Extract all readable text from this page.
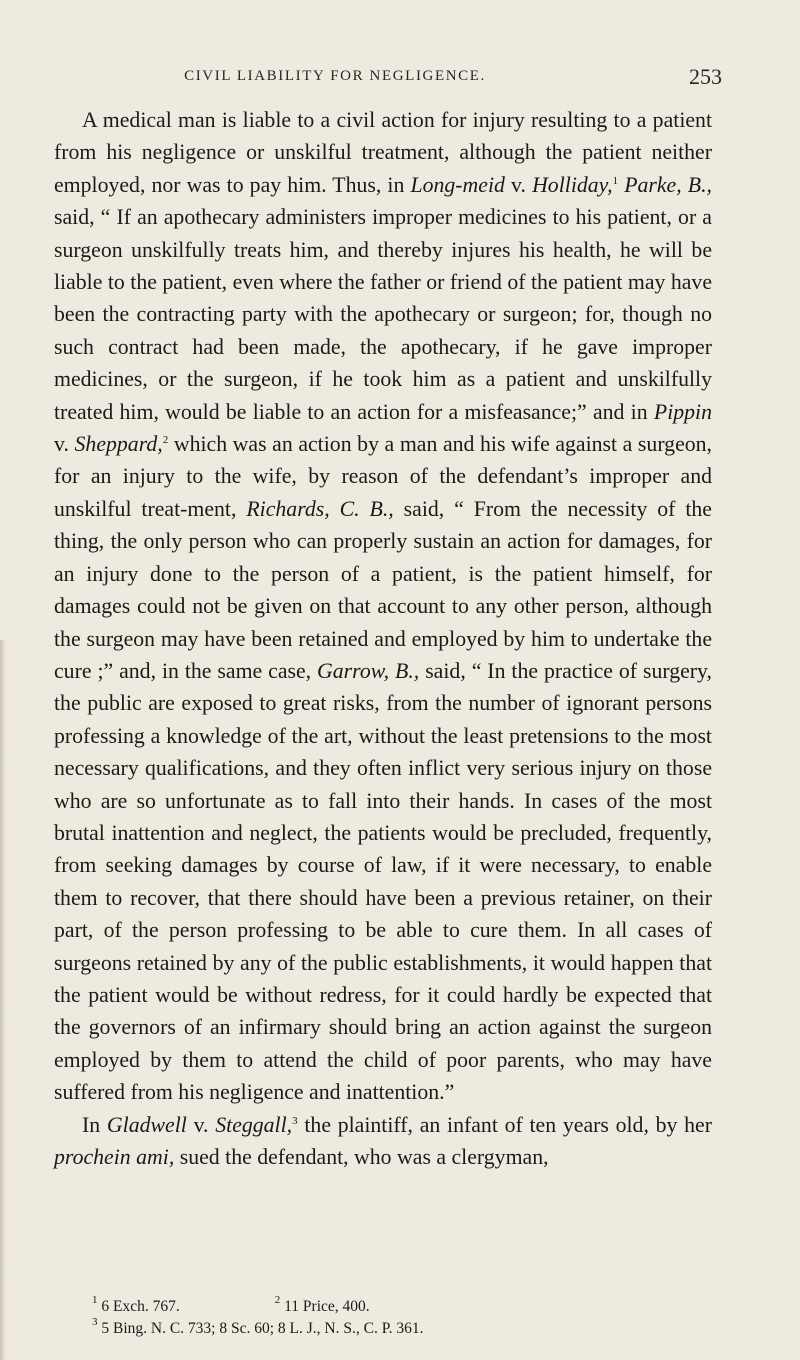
CIVIL LIABILITY FOR NEGLIGENCE.	253

A medical man is liable to a civil action for injury resulting to a patient from his negligence or unskilful treatment, although the patient neither employed, nor was to pay him. Thus, in Long-meid v. Holliday,$^1$ Parke, B., said, “ If an apothecary administers improper medicines to his patient, or a surgeon unskilfully treats him, and thereby injures his health, he will be liable to the patient, even where the father or friend of the patient may have been the contracting party with the apothecary or surgeon; for, though no such contract had been made, the apothecary, if he gave improper medicines, or the surgeon, if he took him as a patient and unskilfully treated him, would be liable to an action for a misfeasance;” and in Pippin v. Sheppard,$^2$ which was an action by a man and his wife against a surgeon, for an injury to the wife, by reason of the defendant’s improper and unskilful treat-ment, Richards, C. B., said, “ From the necessity of the thing, the only person who can properly sustain an action for damages, for an injury done to the person of a patient, is the patient himself, for damages could not be given on that account to any other person, although the surgeon may have been retained and employed by him to undertake the cure ;” and, in the same case, Garrow, B., said, “ In the practice of surgery, the public are exposed to great risks, from the number of ignorant persons professing a knowledge of the art, without the least pretensions to the most necessary qualifications, and they often inflict very serious injury on those who are so unfortunate as to fall into their hands. In cases of the most brutal inattention and neglect, the patients would be precluded, frequently, from seeking damages by course of law, if it were necessary, to enable them to recover, that there should have been a previous retainer, on their part, of the person professing to be able to cure them. In all cases of surgeons retained by any of the public establishments, it would happen that the patient would be without redress, for it could hardly be expected that the governors of an infirmary should bring an action against the surgeon employed by them to attend the child of poor parents, who may have suffered from his negligence and inattention.”

In Gladwell v. Steggall,$^3$ the plaintiff, an infant of ten years old, by her prochein ami, sued the defendant, who was a clergyman,

$^1$ 6 Exch. 767.	$^2$ 11 Price, 400.
$^3$ 5 Bing. N. C. 733; 8 Sc. 60; 8 L. J., N. S., C. P. 361.
